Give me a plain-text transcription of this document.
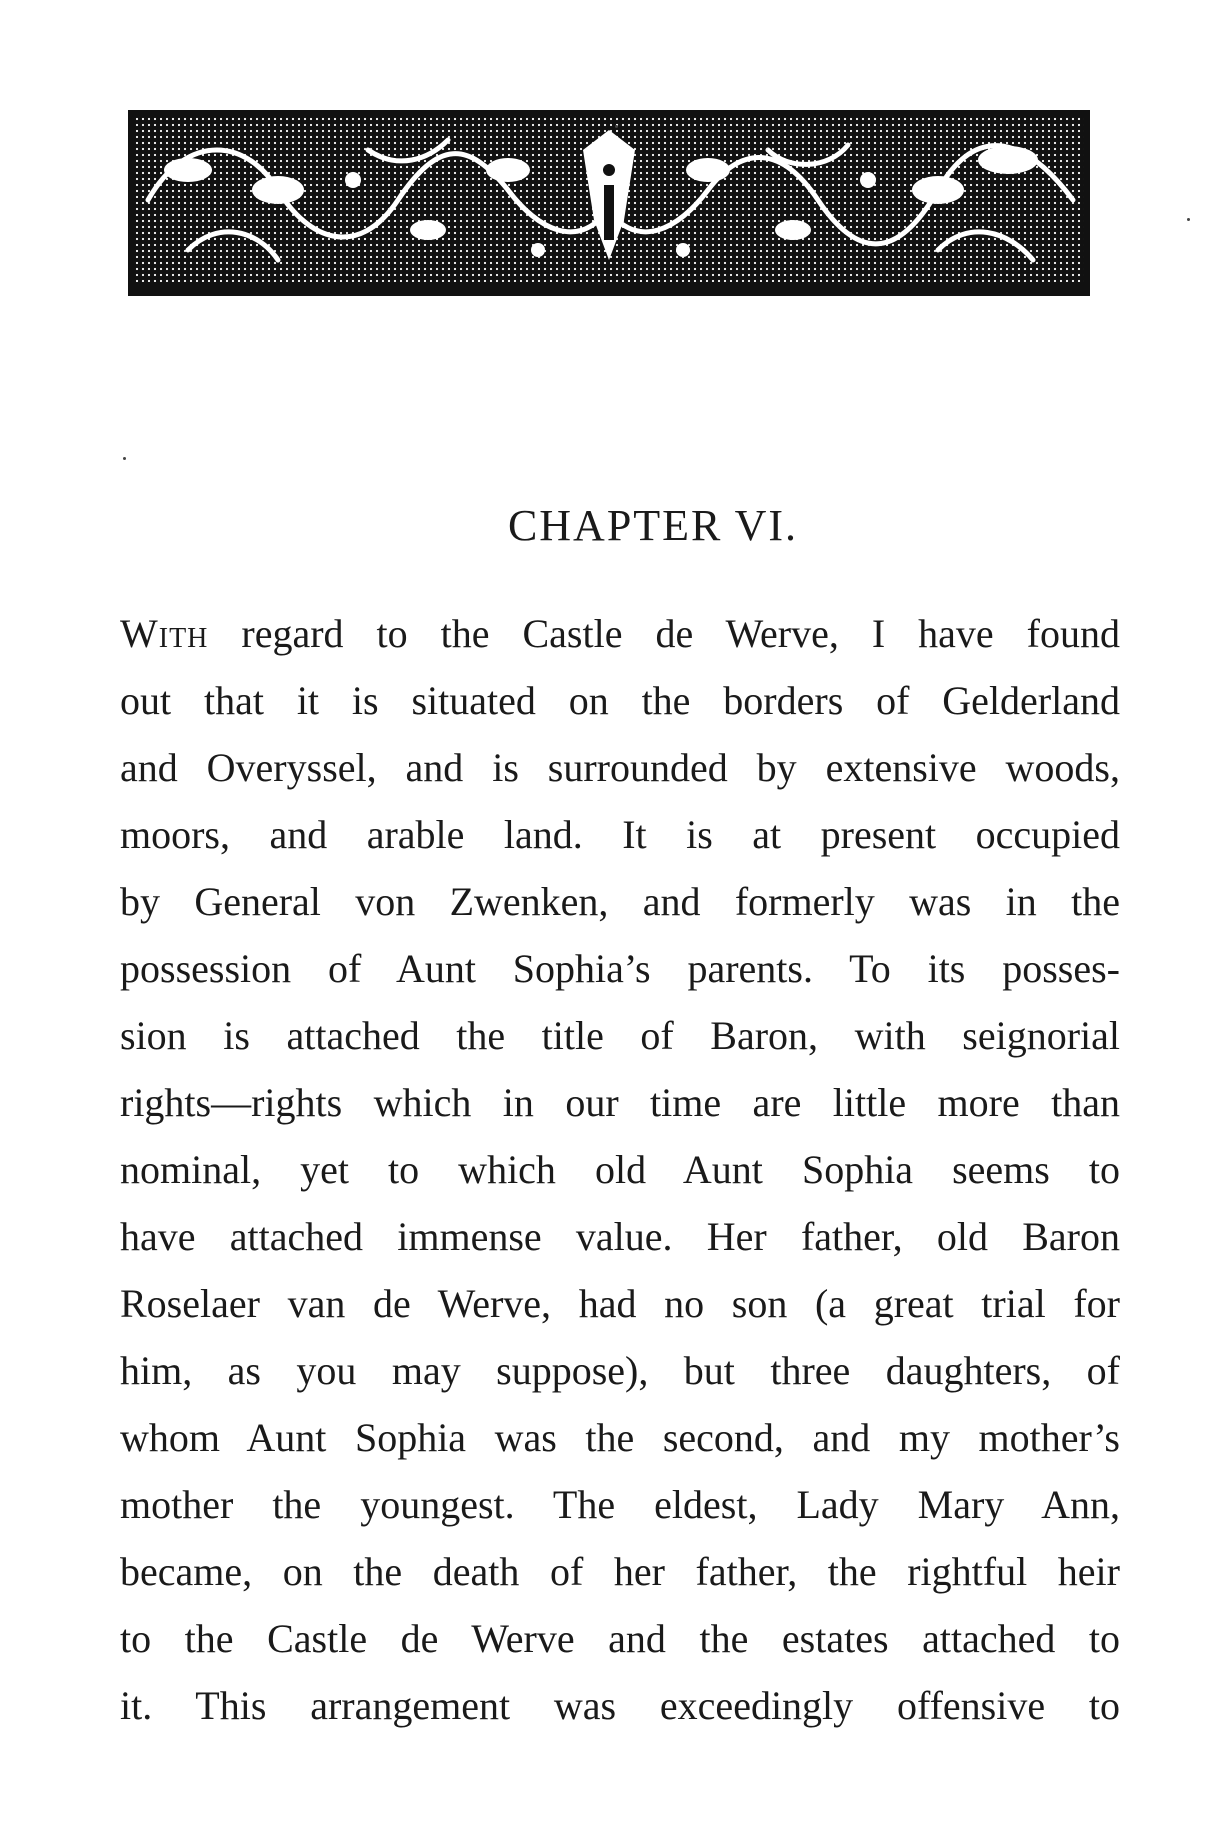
CHAPTER VI.
With regard to the Castle de Werve, I have found
out that it is situated on the borders of Gelderland
and Overyssel, and is surrounded by extensive woods,
moors, and arable land. It is at present occupied
by General von Zwenken, and formerly was in the
possession of Aunt Sophia’s parents. To its posses-
sion is attached the title of Baron, with seignorial
rights—rights which in our time are little more than
nominal, yet to which old Aunt Sophia seems to
have attached immense value. Her father, old Baron
Roselaer van de Werve, had no son (a great trial for
him, as you may suppose), but three daughters, of
whom Aunt Sophia was the second, and my mother’s
mother the youngest. The eldest, Lady Mary Ann,
became, on the death of her father, the rightful heir
to the Castle de Werve and the estates attached to
it. This arrangement was exceedingly offensive to
